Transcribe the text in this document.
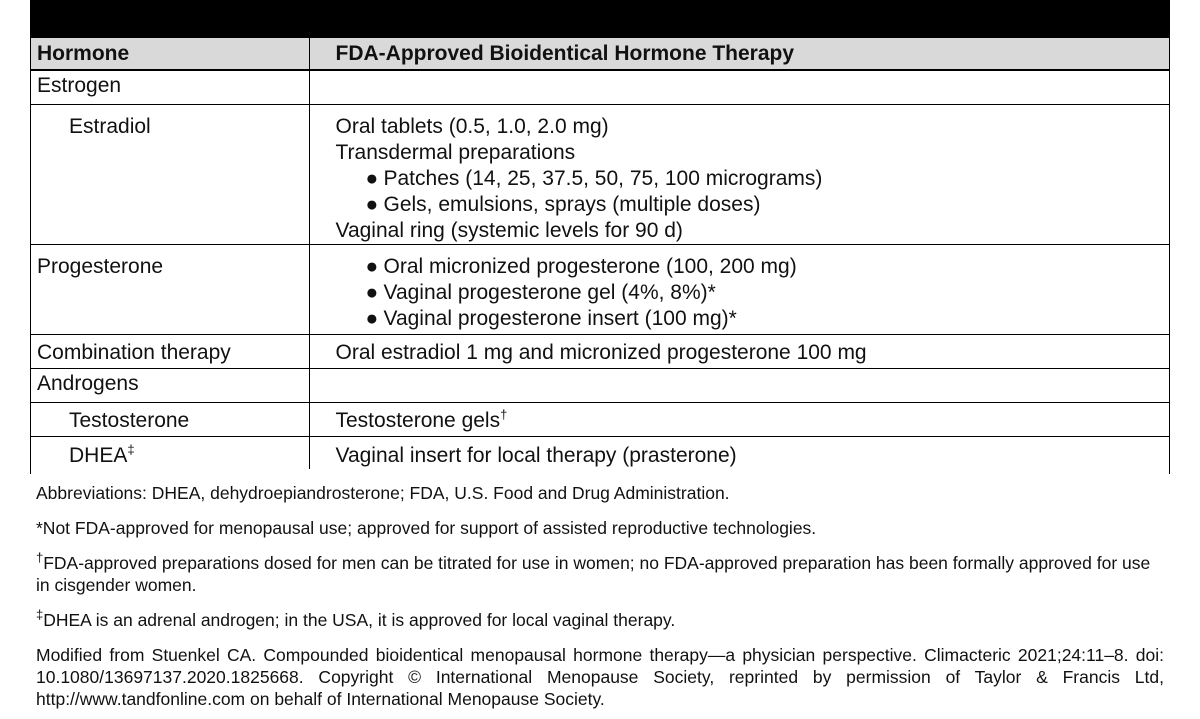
Hormone	FDA-Approved Bioidentical Hormone Therapy
Estrogen	
Estradiol	Oral tablets (0.5, 1.0, 2.0 mg)
Transdermal preparations
● Patches (14, 25, 37.5, 50, 75, 100 micrograms)
● Gels, emulsions, sprays (multiple doses)
Vaginal ring (systemic levels for 90 d)

Progesterone	● Oral micronized progesterone (100, 200 mg)
● Vaginal progesterone gel (4%, 8%)*
● Vaginal progesterone insert (100 mg)*

Combination therapy	Oral estradiol 1 mg and micronized progesterone 100 mg
Androgens	
Testosterone	Testosterone gels†
DHEA‡	Vaginal insert for local therapy (prasterone)

Abbreviations: DHEA, dehydroepiandrosterone; FDA, U.S. Food and Drug Administration.

*Not FDA-approved for menopausal use; approved for support of assisted reproductive technologies.

†FDA-approved preparations dosed for men can be titrated for use in women; no FDA-approved preparation has been formally approved for use in cisgender women.

‡DHEA is an adrenal androgen; in the USA, it is approved for local vaginal therapy.

Modified from Stuenkel CA. Compounded bioidentical menopausal hormone therapy—a physician perspective. Climacteric 2021;24:11–8. doi: 10.1080/13697137.2020.1825668. Copyright © International Menopause Society, reprinted by permission of Taylor & Francis Ltd, http://www.tandfonline.com on behalf of International Menopause Society.
